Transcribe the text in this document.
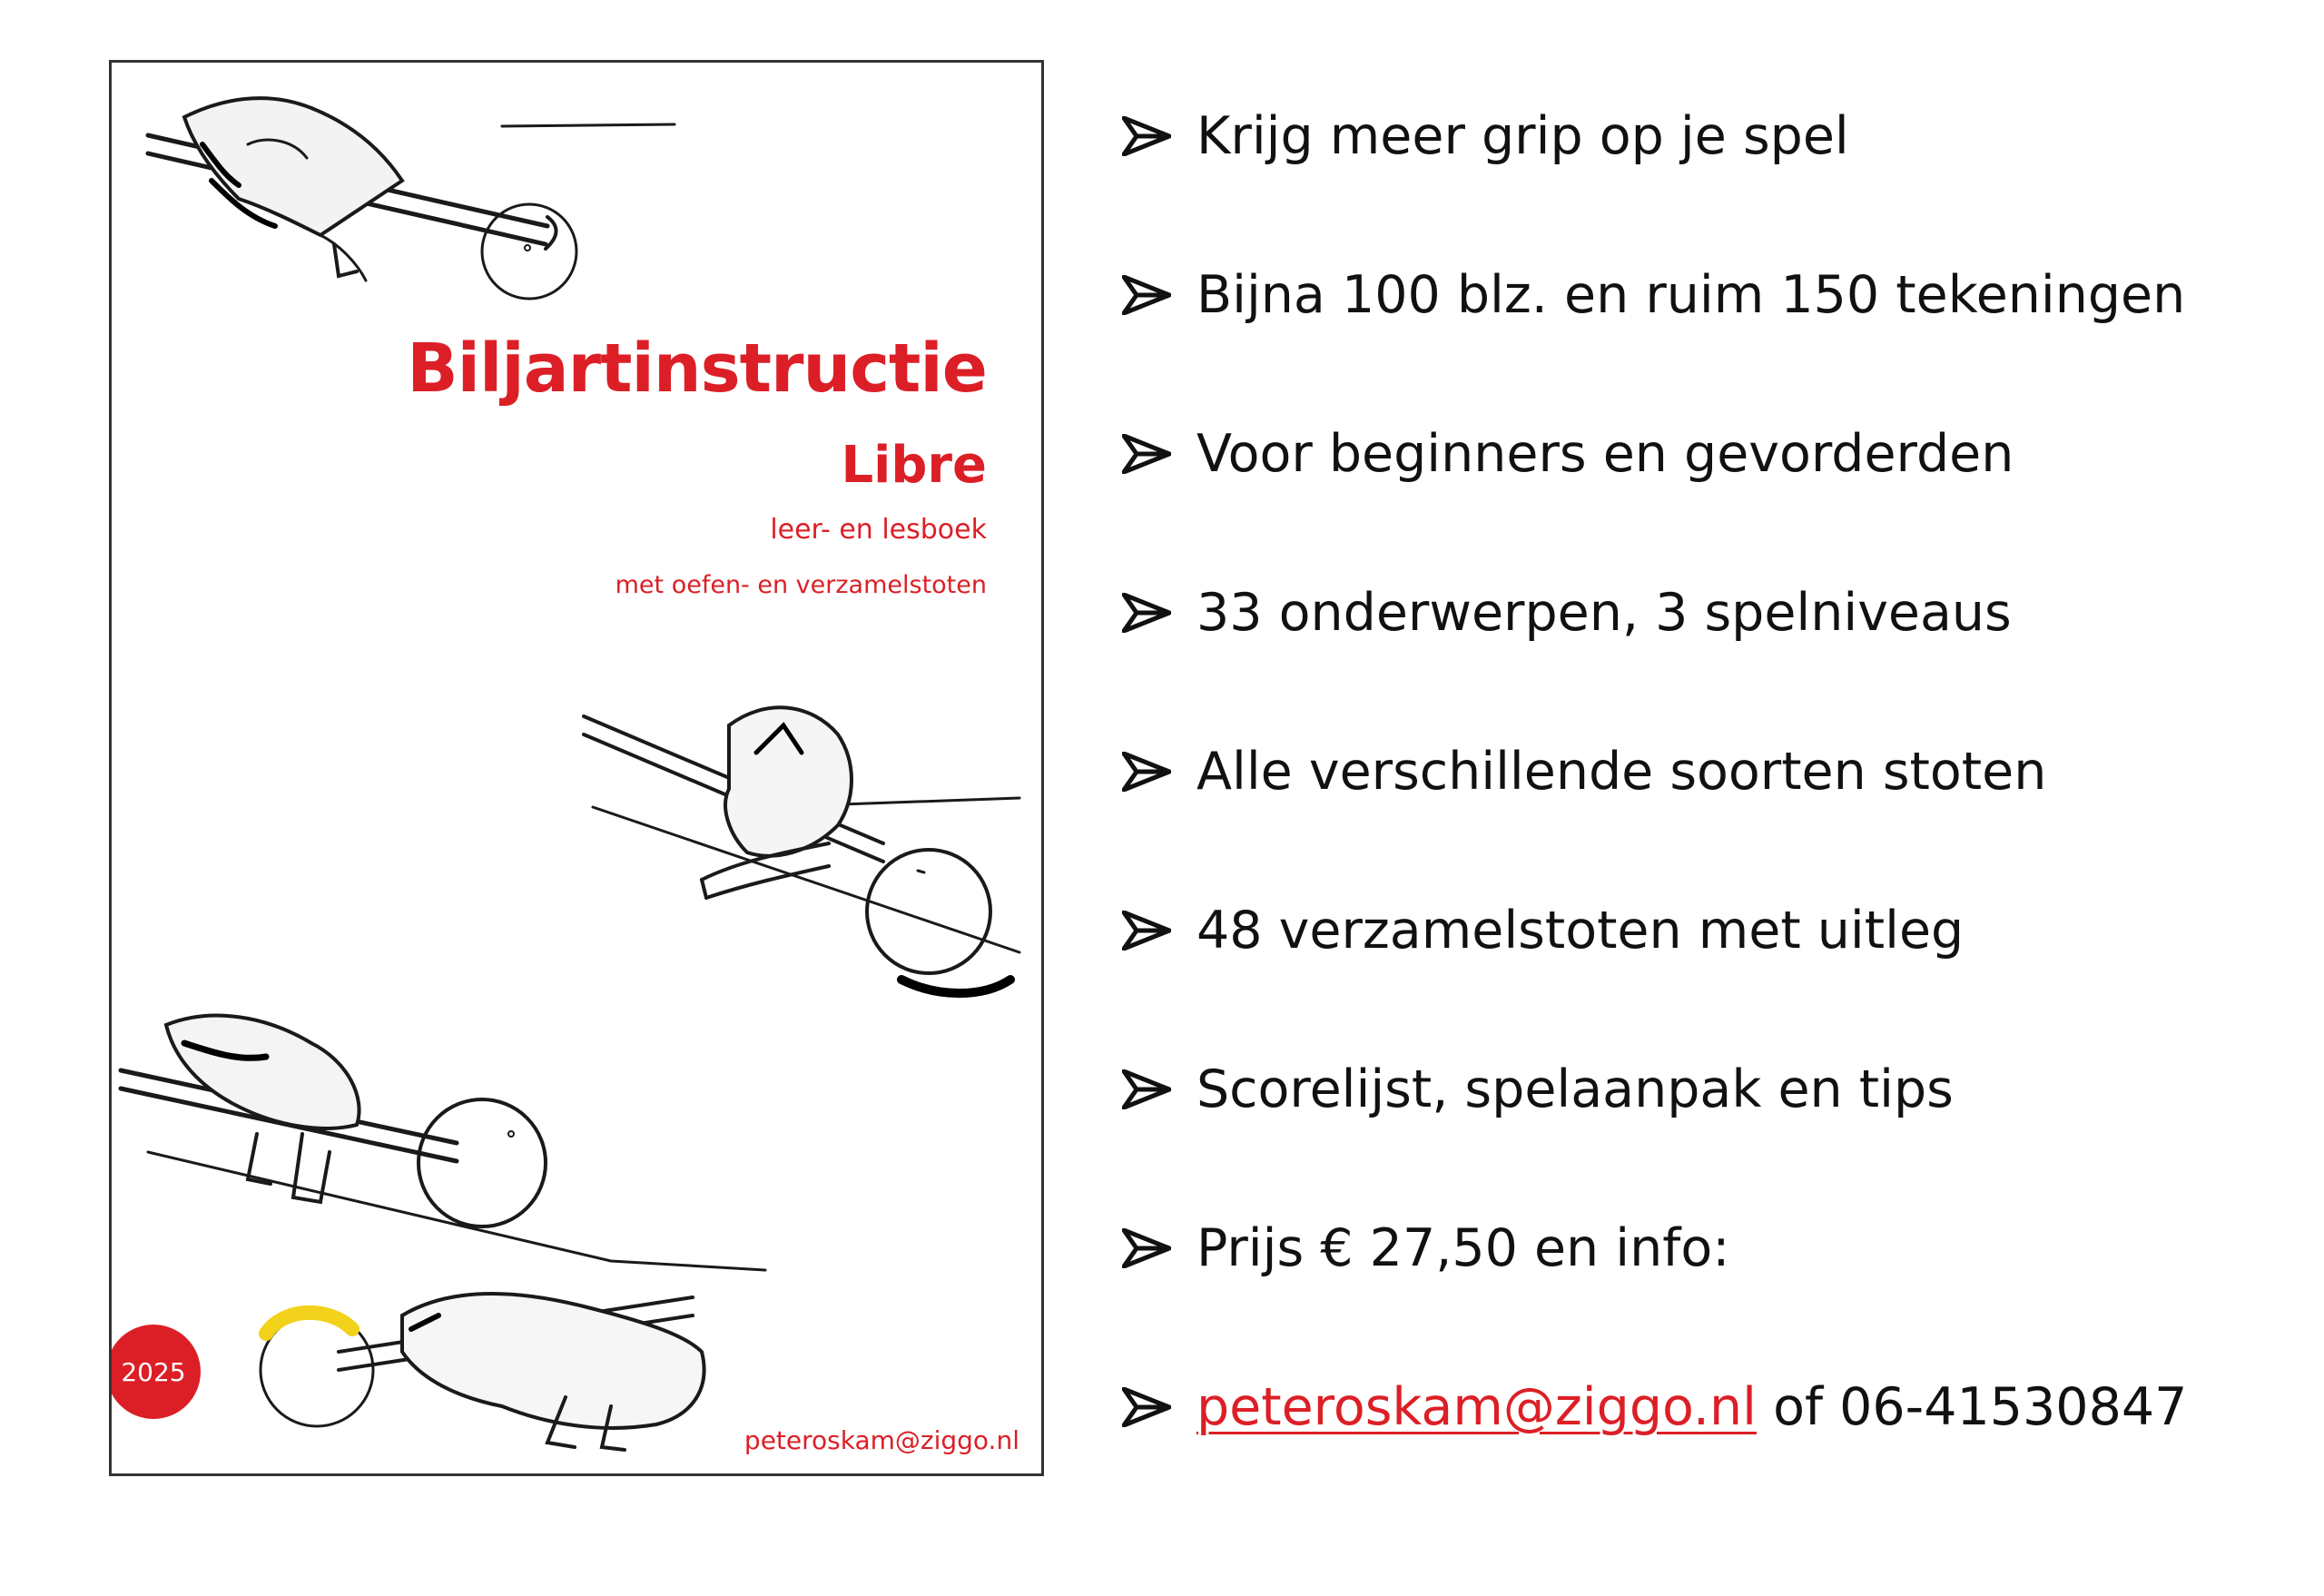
Biljartinstructie
Libre

leer- en lesboek

met oefen- en verzamelstoten

2025
peteroskam@ziggo.nl
Krijg meer grip op je spel
Bijna 100 blz. en ruim 150 tekeningen
Voor beginners en gevorderden
33 onderwerpen, 3 spelniveaus
Alle verschillende soorten stoten
48 verzamelstoten met uitleg
Scorelijst, spelaanpak en tips
Prijs € 27,50 en info:
peteroskam@ziggo.nl of 06-41530847
